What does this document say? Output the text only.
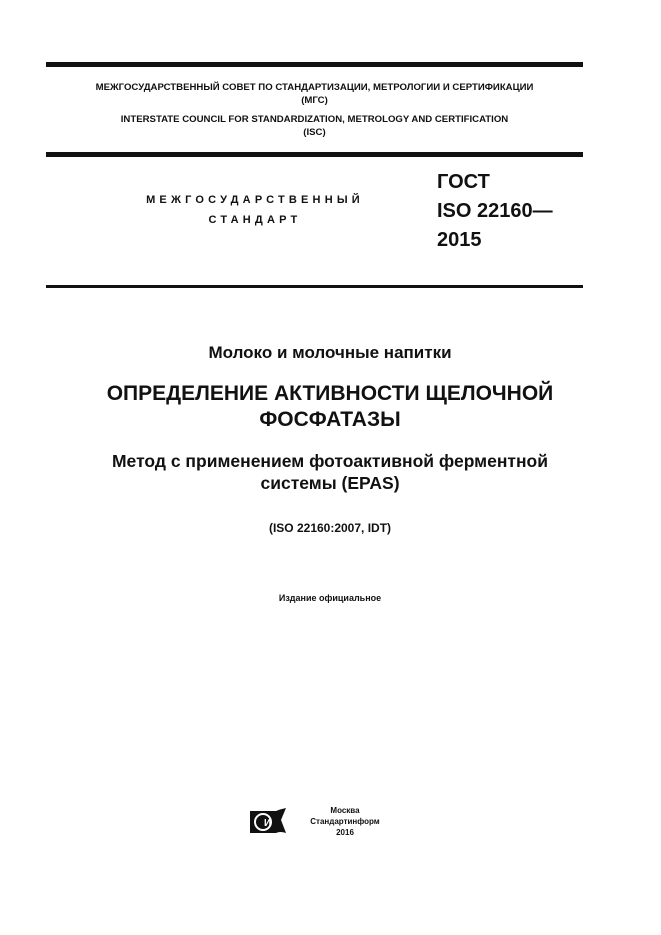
МЕЖГОСУДАРСТВЕННЫЙ СОВЕТ ПО СТАНДАРТИЗАЦИИ, МЕТРОЛОГИИ И СЕРТИФИКАЦИИ
(МГС)
INTERSTATE COUNCIL FOR STANDARDIZATION, METROLOGY AND CERTIFICATION
(ISC)
МЕЖГОСУДАРСТВЕННЫЙ
СТАНДАРТ
ГОСТ
ISO 22160—
2015
Молоко и молочные напитки
ОПРЕДЕЛЕНИЕ АКТИВНОСТИ ЩЕЛОЧНОЙ
ФОСФАТАЗЫ
Метод с применением фотоактивной ферментной
системы (EPAS)
(ISO 22160:2007, IDT)
Издание официальное
И
Москва
Стандартинформ
2016
